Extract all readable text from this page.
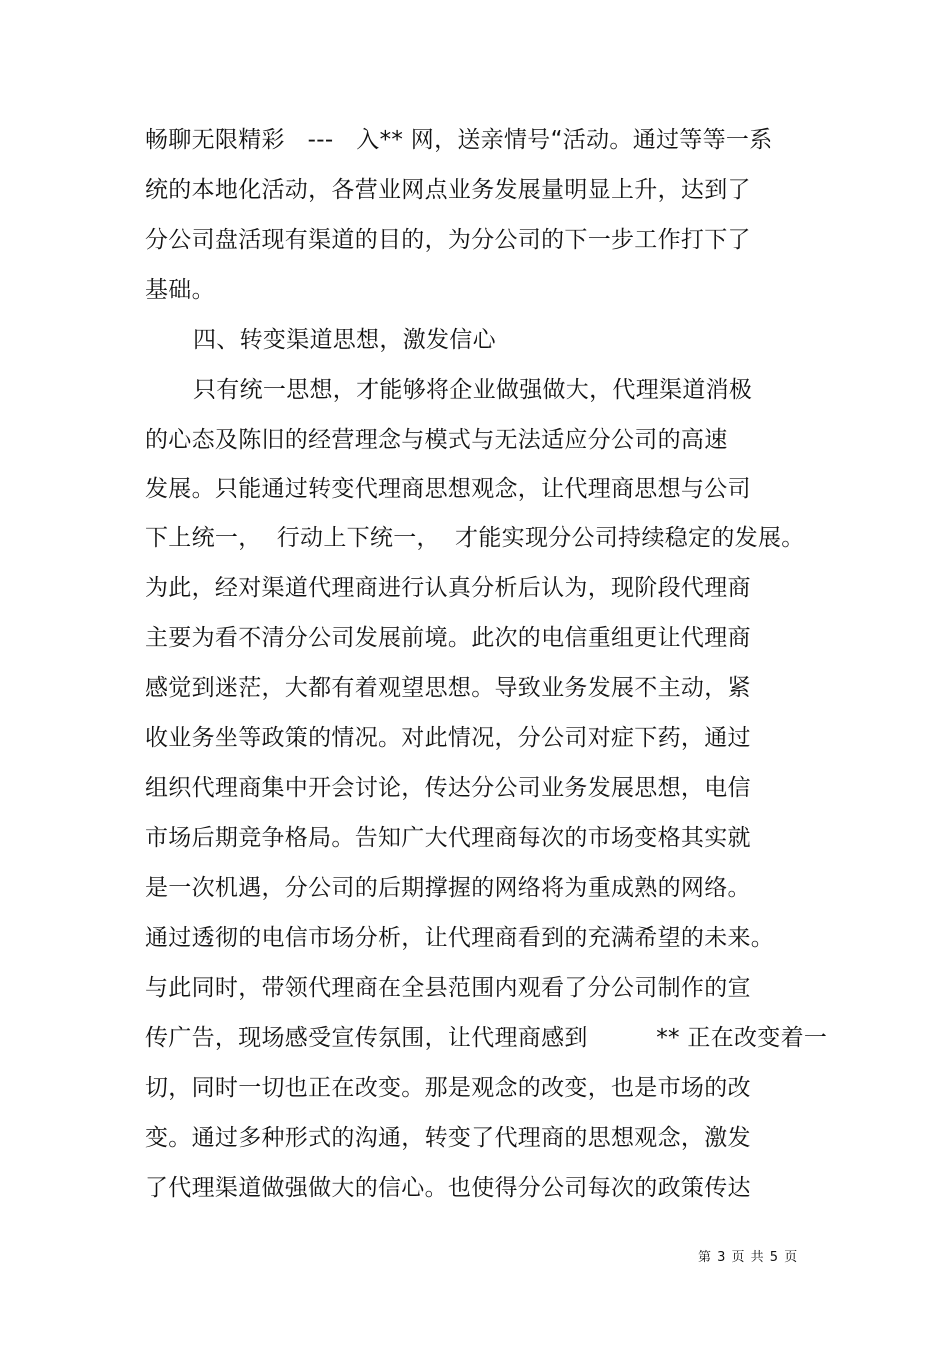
畅聊无限精彩   ---   入** 网，送亲情号“活动。通过等等一系
统的本地化活动，各营业网点业务发展量明显上升，达到了
分公司盘活现有渠道的目的，为分公司的下一步工作打下了
基础。
四、转变渠道思想，激发信心
只有统一思想，才能够将企业做强做大，代理渠道消极
的心态及陈旧的经营理念与模式与无法适应分公司的高速
发展。只能通过转变代理商思想观念，让代理商思想与公司
下上统一，  行动上下统一，  才能实现分公司持续稳定的发展。
为此，经对渠道代理商进行认真分析后认为，现阶段代理商
主要为看不清分公司发展前境。此次的电信重组更让代理商
感觉到迷茫，大都有着观望思想。导致业务发展不主动，紧
收业务坐等政策的情况。对此情况，分公司对症下药，通过
组织代理商集中开会讨论，传达分公司业务发展思想，电信
市场后期竞争格局。告知广大代理商每次的市场变格其实就
是一次机遇，分公司的后期撑握的网络将为重成熟的网络。
通过透彻的电信市场分析，让代理商看到的充满希望的未来。
与此同时，带领代理商在全县范围内观看了分公司制作的宣
传广告，现场感受宣传氛围，让代理商感到         ** 正在改变着一
切，同时一切也正在改变。那是观念的改变，也是市场的改
变。通过多种形式的沟通，转变了代理商的思想观念，激发
了代理渠道做强做大的信心。也使得分公司每次的政策传达
第 3 页 共 5 页
